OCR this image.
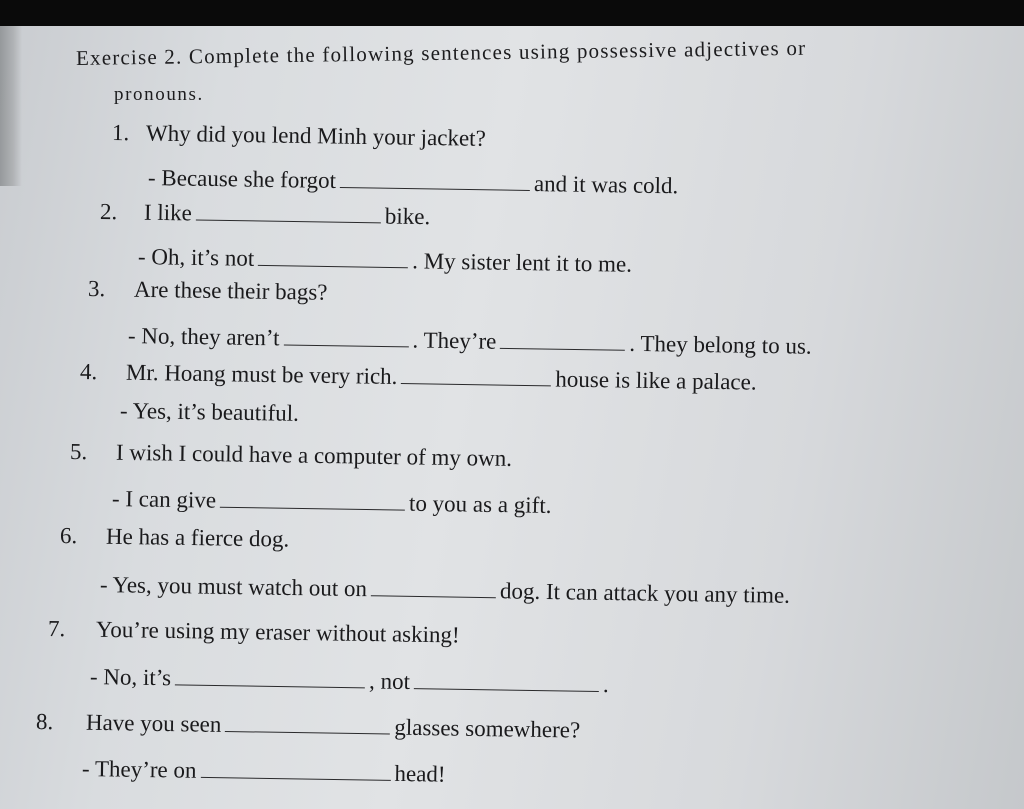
Exercise 2. Complete the following sentences using possessive adjectives or
pronouns.
1. Why did you lend Minh your jacket?
- Because she forgot	and it was cold.
2.	I like	bike.
- Oh, it’s not	. My sister lent it to me.
3.	Are these their bags?
- No, they aren’t	. They’re	. They belong to us.
4.	Mr. Hoang must be very rich.	house is like a palace.
- Yes, it’s beautiful.
5.	I wish I could have a computer of my own.
- I can give	to you as a gift.
6.	He has a fierce dog.
- Yes, you must watch out on	dog. It can attack you any time.
7.	You’re using my eraser without asking!
- No, it’s	, not	.
8.	Have you seen	glasses somewhere?
- They’re on	head!
